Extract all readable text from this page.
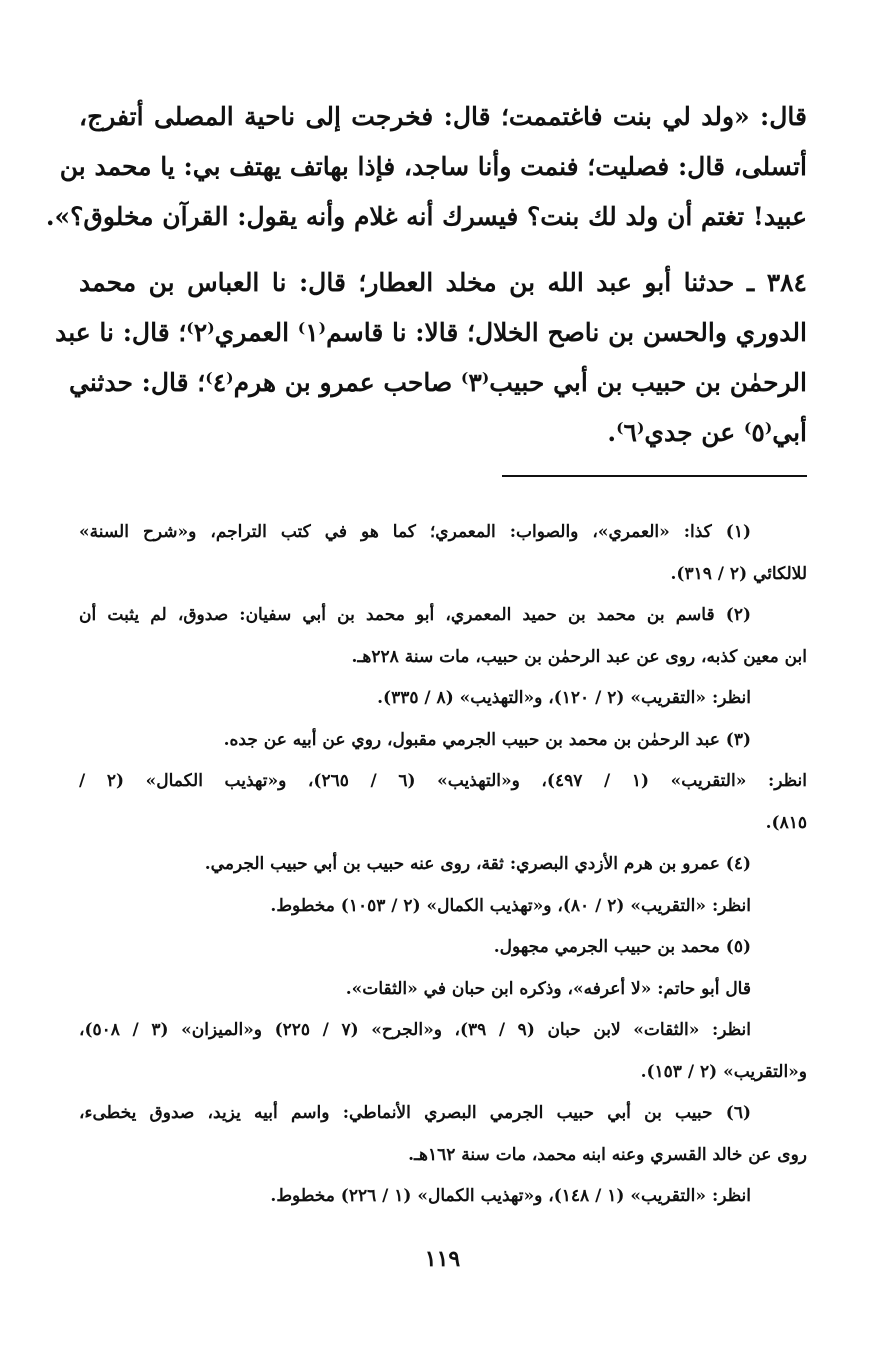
قال: «ولد لي بنت فاغتممت؛ قال: فخرجت إلى ناحية المصلى أتفرج،
أتسلى، قال: فصليت؛ فنمت وأنا ساجد، فإذا بهاتف يهتف بي: يا محمد بن
عبيد! تغتم أن ولد لك بنت؟ فيسرك أنه غلام وأنه يقول: القرآن مخلوق؟».
٣٨٤ ـ حدثنا أبو عبد الله بن مخلد العطار؛ قال: نا العباس بن محمد
الدوري والحسن بن ناصح الخلال؛ قالا: نا قاسم⁽١⁾ العمري⁽٢⁾؛ قال: نا عبد
الرحمٰن بن حبيب بن أبي حبيب⁽٣⁾ صاحب عمرو بن هرم⁽٤⁾؛ قال: حدثني
أبي⁽٥⁾ عن جدي⁽٦⁾.
(١) كذا: «العمري»، والصواب: المعمري؛ كما هو في كتب التراجم، و«شرح السنة»
للالكائي (٢ / ٣١٩).
(٢) قاسم بن محمد بن حميد المعمري، أبو محمد بن أبي سفيان: صدوق، لم يثبت أن
ابن معين كذبه، روى عن عبد الرحمٰن بن حبيب، مات سنة ٢٢٨هـ.
انظر: «التقريب» (٢ / ١٢٠)، و«التهذيب» (٨ / ٣٣٥).
(٣) عبد الرحمٰن بن محمد بن حبيب الجرمي مقبول، روي عن أبيه عن جده.
انظر: «التقريب» (١ / ٤٩٧)، و«التهذيب» (٦ / ٢٦٥)، و«تهذيب الكمال» (٢ /
٨١٥).
(٤) عمرو بن هرم الأزدي البصري: ثقة، روى عنه حبيب بن أبي حبيب الجرمي.
انظر: «التقريب» (٢ / ٨٠)، و«تهذيب الكمال» (٢ / ١٠٥٣) مخطوط.
(٥) محمد بن حبيب الجرمي مجهول.
قال أبو حاتم: «لا أعرفه»، وذكره ابن حبان في «الثقات».
انظر: «الثقات» لابن حبان (٩ / ٣٩)، و«الجرح» (٧ / ٢٢٥) و«الميزان» (٣ / ٥٠٨)،
و«التقريب» (٢ / ١٥٣).
(٦) حبيب بن أبي حبيب الجرمي البصري الأنماطي: واسم أبيه يزيد، صدوق يخطىء،
روى عن خالد القسري وعنه ابنه محمد، مات سنة ١٦٢هـ.
انظر: «التقريب» (١ / ١٤٨)، و«تهذيب الكمال» (١ / ٢٢٦) مخطوط.
١١٩
